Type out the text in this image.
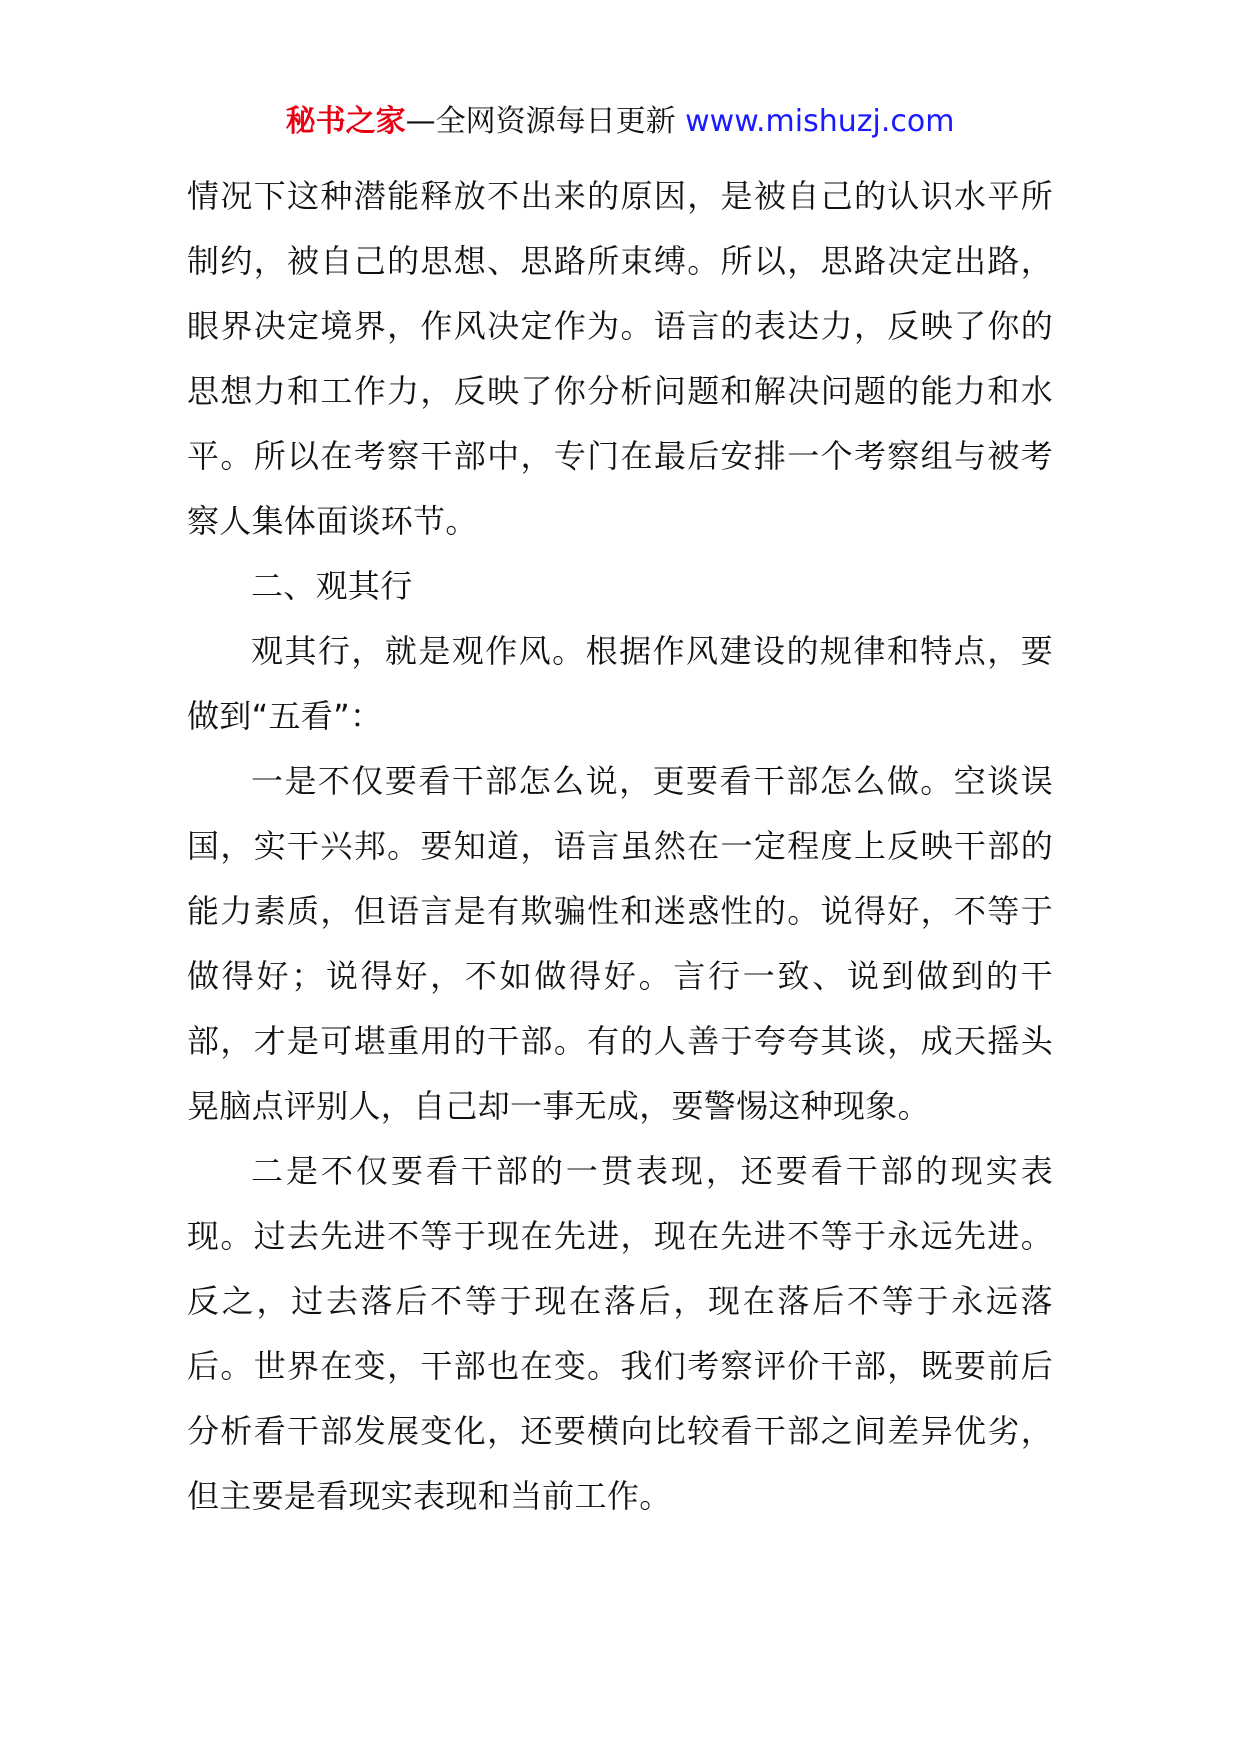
秘书之家—全网资源每日更新 www.mishuzj.com

情况下这种潜能释放不出来的原因，是被自己的认识水平所制约，被自己的思想、思路所束缚。所以，思路决定出路，眼界决定境界，作风决定作为。语言的表达力，反映了你的思想力和工作力，反映了你分析问题和解决问题的能力和水平。所以在考察干部中，专门在最后安排一个考察组与被考察人集体面谈环节。

二、观其行

观其行，就是观作风。根据作风建设的规律和特点，要做到“五看”：

一是不仅要看干部怎么说，更要看干部怎么做。空谈误国，实干兴邦。要知道，语言虽然在一定程度上反映干部的能力素质，但语言是有欺骗性和迷惑性的。说得好，不等于做得好；说得好，不如做得好。言行一致、说到做到的干部，才是可堪重用的干部。有的人善于夸夸其谈，成天摇头晃脑点评别人，自己却一事无成，要警惕这种现象。

二是不仅要看干部的一贯表现，还要看干部的现实表现。过去先进不等于现在先进，现在先进不等于永远先进。反之，过去落后不等于现在落后，现在落后不等于永远落后。世界在变，干部也在变。我们考察评价干部，既要前后分析看干部发展变化，还要横向比较看干部之间差异优劣，但主要是看现实表现和当前工作。
